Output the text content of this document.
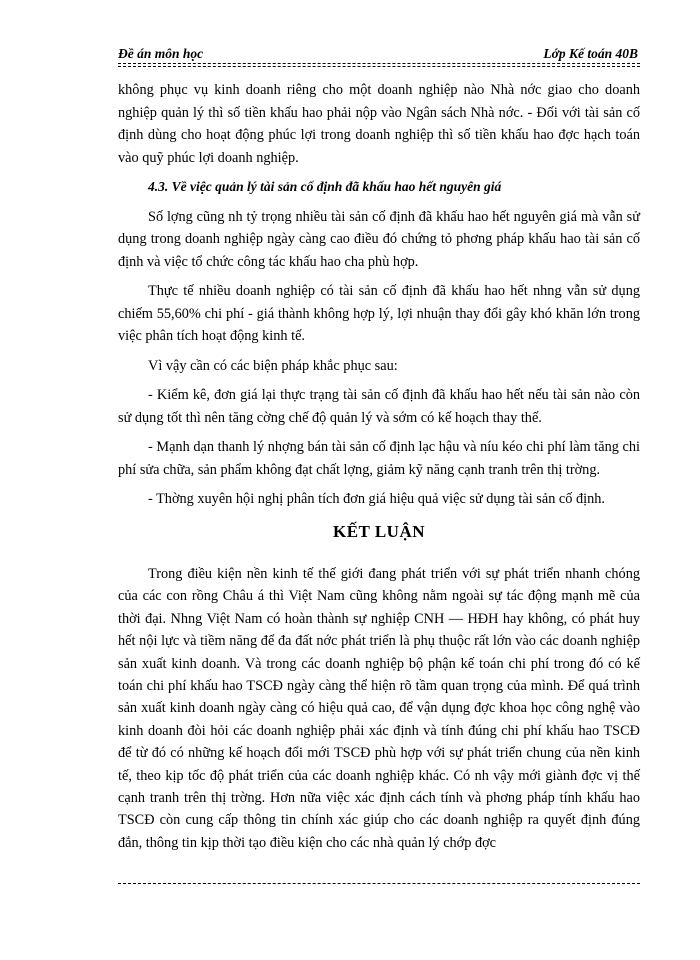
Đề án môn học	Lớp Kế toán 40B

không phục vụ kinh doanh riêng cho một doanh nghiệp nào Nhà nớc giao cho doanh nghiệp quản lý thì số tiền khấu hao phải nộp vào Ngân sách Nhà nớc. - Đối với tài sản cố định dùng cho hoạt động phúc lợi trong doanh nghiệp thì số tiền khấu hao đợc hạch toán vào quỹ phúc lợi doanh nghiệp.

4.3. Về việc quản lý tài sản cố định đã khấu hao hết nguyên giá

Số lợng cũng nh tỷ trọng nhiều tài sản cố định đã khấu hao hết nguyên giá mà vẫn sử dụng trong doanh nghiệp ngày càng cao điều đó chứng tỏ phơng pháp khấu hao tài sản cố định và việc tổ chức công tác khấu hao cha phù hợp.

Thực tế nhiều doanh nghiệp có tài sản cố định đã khấu hao hết nhng vẫn sử dụng chiếm 55,60% chi phí - giá thành không hợp lý, lợi nhuận thay đổi gây khó khăn lớn trong việc phân tích hoạt động kinh tế.

Vì vậy cần có các biện pháp khắc phục sau:

- Kiểm kê, đơn giá lại thực trạng tài sản cố định đã khấu hao hết nếu tài sản nào còn sử dụng tốt thì nên tăng cờng chế độ quản lý và sớm có kế hoạch thay thế.

- Mạnh dạn thanh lý nhợng bán tài sản cố định lạc hậu và níu kéo chi phí làm tăng chi phí sửa chữa, sản phẩm không đạt chất lợng, giảm kỹ năng cạnh tranh trên thị trờng.

- Thờng xuyên hội nghị phân tích đơn giá hiệu quả việc sử dụng tài sản cố định.

KẾT LUẬN

Trong điều kiện nền kinh tế thế giới đang phát triển với sự phát triển nhanh chóng của các con rồng Châu á thì Việt Nam cũng không nằm ngoài sự tác động mạnh mẽ của thời đại. Nhng Việt Nam có hoàn thành sự nghiệp CNH — HĐH hay không, có phát huy hết nội lực và tiềm năng để đa đất nớc phát triển là phụ thuộc rất lớn vào các doanh nghiệp sản xuất kinh doanh. Và trong các doanh nghiệp bộ phận kế toán chi phí trong đó có kế toán chi phí khấu hao TSCĐ ngày càng thể hiện rõ tầm quan trọng của mình. Để quá trình sản xuất kinh doanh ngày càng có hiệu quả cao, để vận dụng đợc khoa học công nghệ vào kinh doanh đòi hỏi các doanh nghiệp phải xác định và tính đúng chi phí khấu hao TSCĐ để từ đó có những kế hoạch đổi mới TSCĐ phù hợp với sự phát triển chung của nền kinh tế, theo kịp tốc độ phát triển của các doanh nghiệp khác. Có nh vậy mới giành đợc vị thế cạnh tranh trên thị trờng. Hơn nữa việc xác định cách tính và phơng pháp tính khấu hao TSCĐ còn cung cấp thông tin chính xác giúp cho các doanh nghiệp ra quyết định đúng đắn, thông tin kịp thời tạo điều kiện cho các nhà quản lý chớp đợc
